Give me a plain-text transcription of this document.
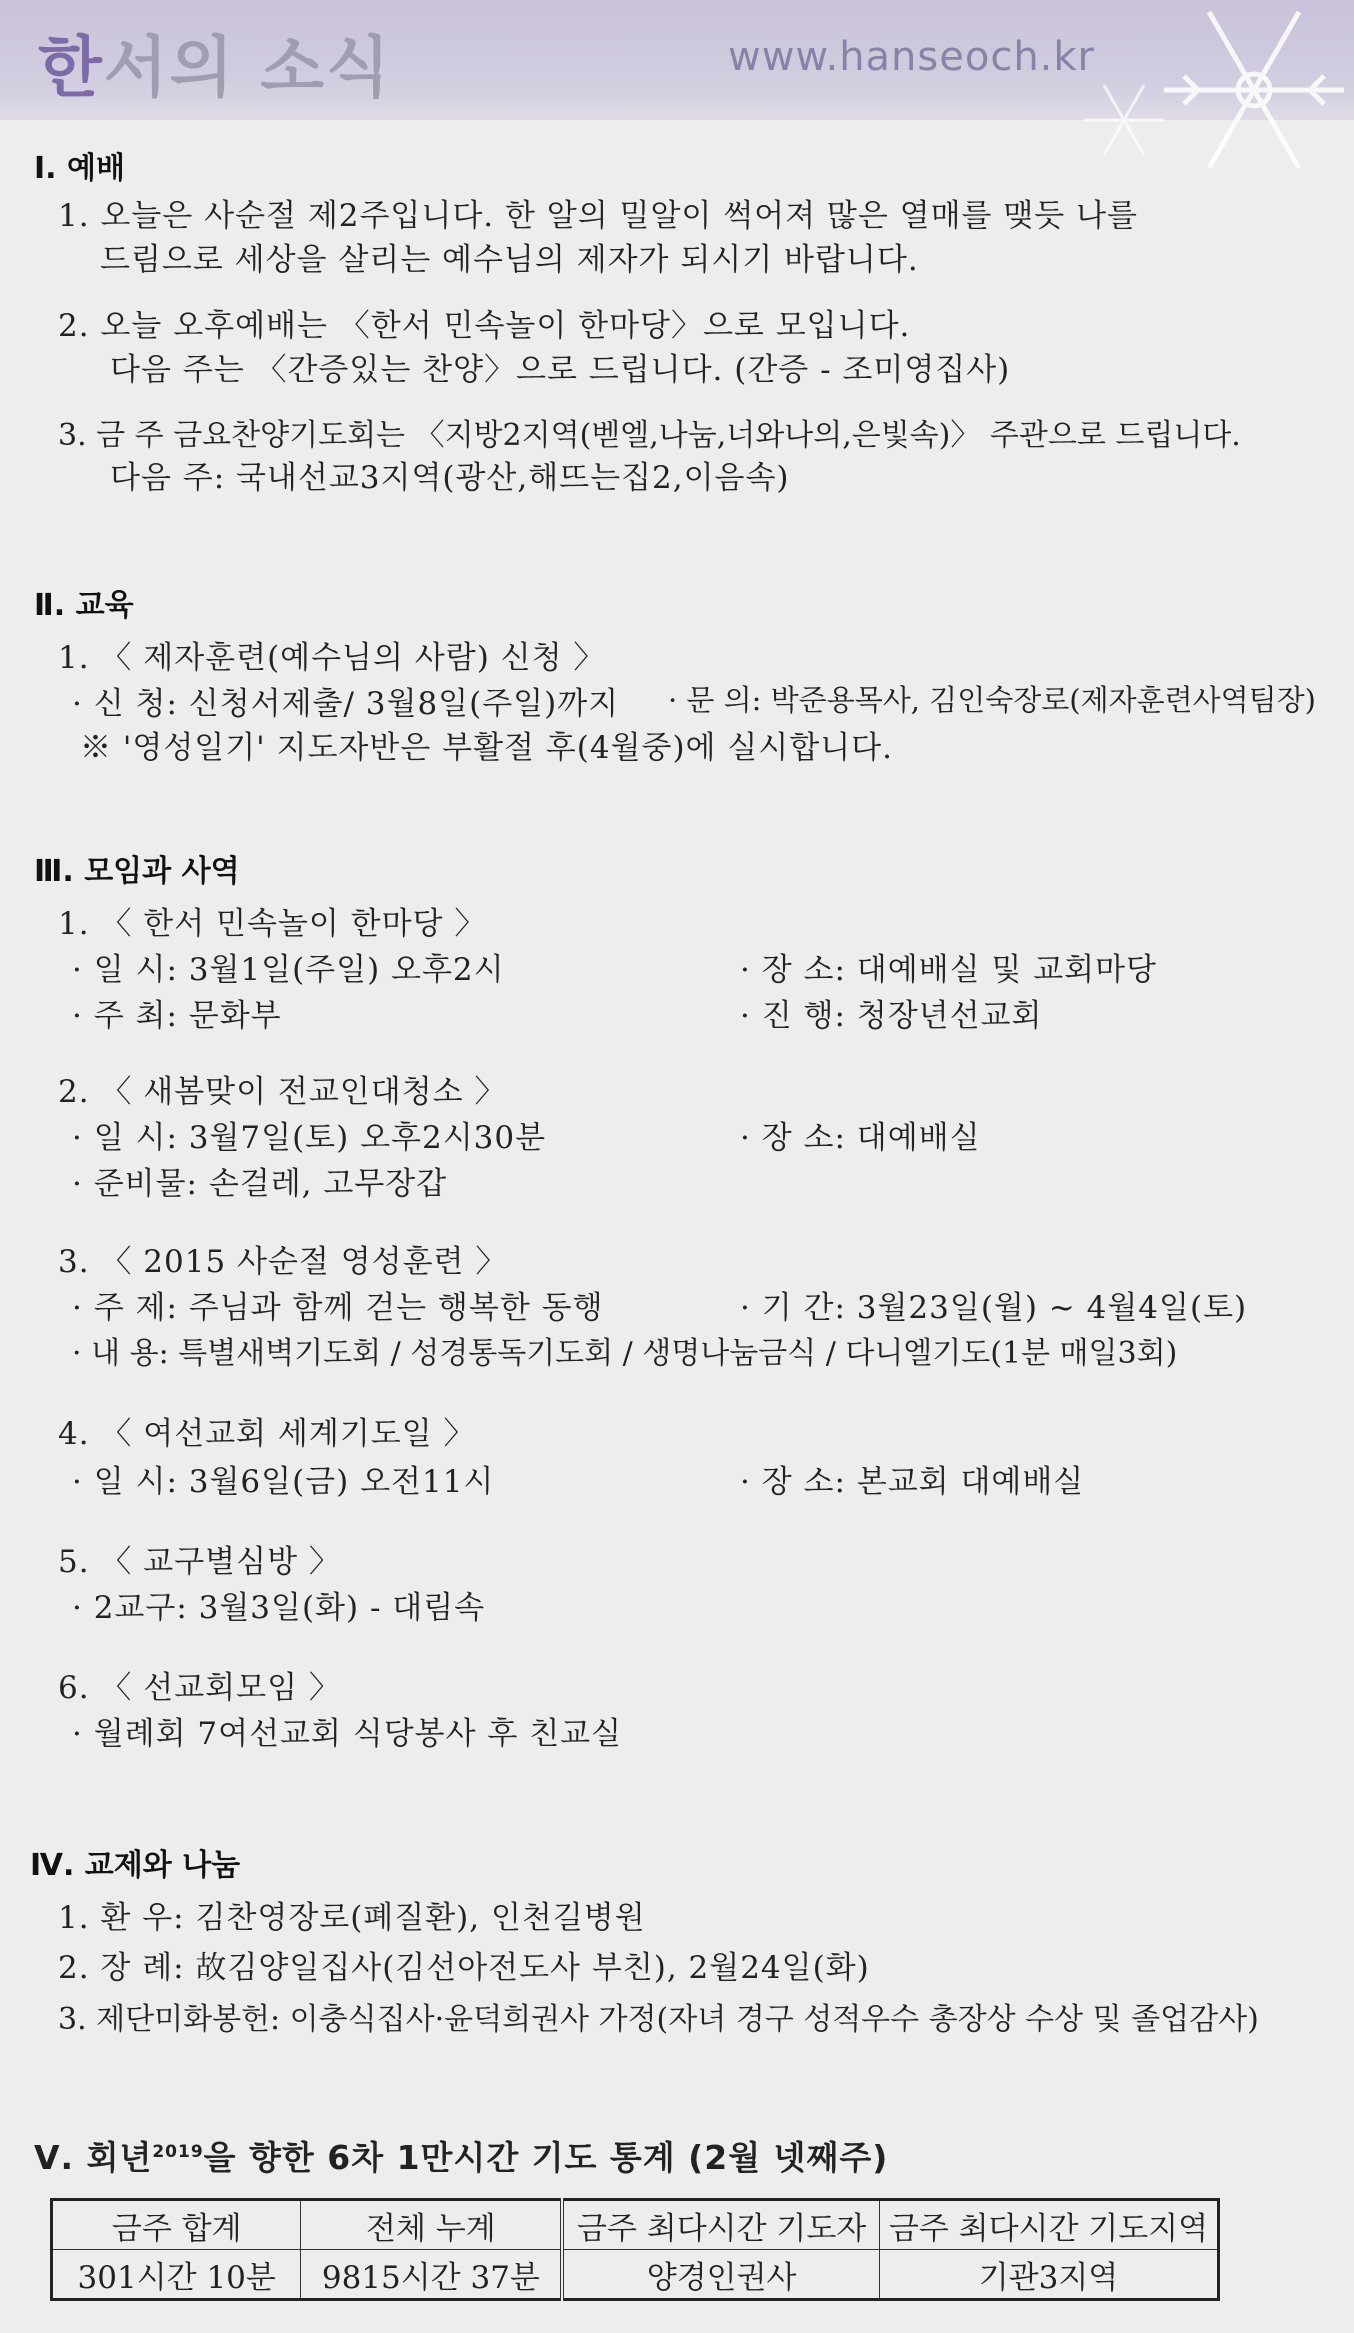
한서의 소식	www.hanseoch.kr
Ⅰ. 예배
1. 오늘은 사순절 제2주입니다. 한 알의 밀알이 썩어져 많은 열매를 맺듯 나를
드림으로 세상을 살리는 예수님의 제자가 되시기 바랍니다.
2. 오늘 오후예배는 〈한서 민속놀이 한마당〉으로 모입니다.
다음 주는 〈간증있는 찬양〉으로 드립니다. (간증 - 조미영집사)
3. 금 주 금요찬양기도회는 〈지방2지역(벧엘,나눔,너와나의,은빛속)〉 주관으로 드립니다.
다음 주: 국내선교3지역(광산,해뜨는집2,이음속)
Ⅱ. 교육
1. 〈 제자훈련(예수님의 사람) 신청 〉
· 신 청: 신청서제출/ 3월8일(주일)까지 · 문 의: 박준용목사, 김인숙장로(제자훈련사역팀장)
※ '영성일기' 지도자반은 부활절 후(4월중)에 실시합니다.
Ⅲ. 모임과 사역
1. 〈 한서 민속놀이 한마당 〉
· 일 시: 3월1일(주일) 오후2시	· 장 소: 대예배실 및 교회마당
· 주 최: 문화부	· 진 행: 청장년선교회
2. 〈 새봄맞이 전교인대청소 〉
· 일 시: 3월7일(토) 오후2시30분	· 장 소: 대예배실
· 준비물: 손걸레, 고무장갑
3. 〈 2015 사순절 영성훈련 〉
· 주 제: 주님과 함께 걷는 행복한 동행	· 기 간: 3월23일(월) ~ 4월4일(토)
· 내 용: 특별새벽기도회 / 성경통독기도회 / 생명나눔금식 / 다니엘기도(1분 매일3회)
4. 〈 여선교회 세계기도일 〉
· 일 시: 3월6일(금) 오전11시	· 장 소: 본교회 대예배실
5. 〈 교구별심방 〉
· 2교구: 3월3일(화) - 대림속
6. 〈 선교회모임 〉
· 월례회 7여선교회 식당봉사 후 친교실
Ⅳ. 교제와 나눔
1. 환 우: 김찬영장로(폐질환), 인천길병원
2. 장 례: 故김양일집사(김선아전도사 부친), 2월24일(화)
3. 제단미화봉헌: 이충식집사·윤덕희권사 가정(자녀 경구 성적우수 총장상 수상 및 졸업감사)
Ⅴ. 회년$^{2019}$을 향한 6차 1만시간 기도 통계 (2월 넷째주)
금주 합계	전체 누계	금주 최다시간 기도자	금주 최다시간 기도지역
301시간 10분	9815시간 37분	양경인권사	기관3지역
